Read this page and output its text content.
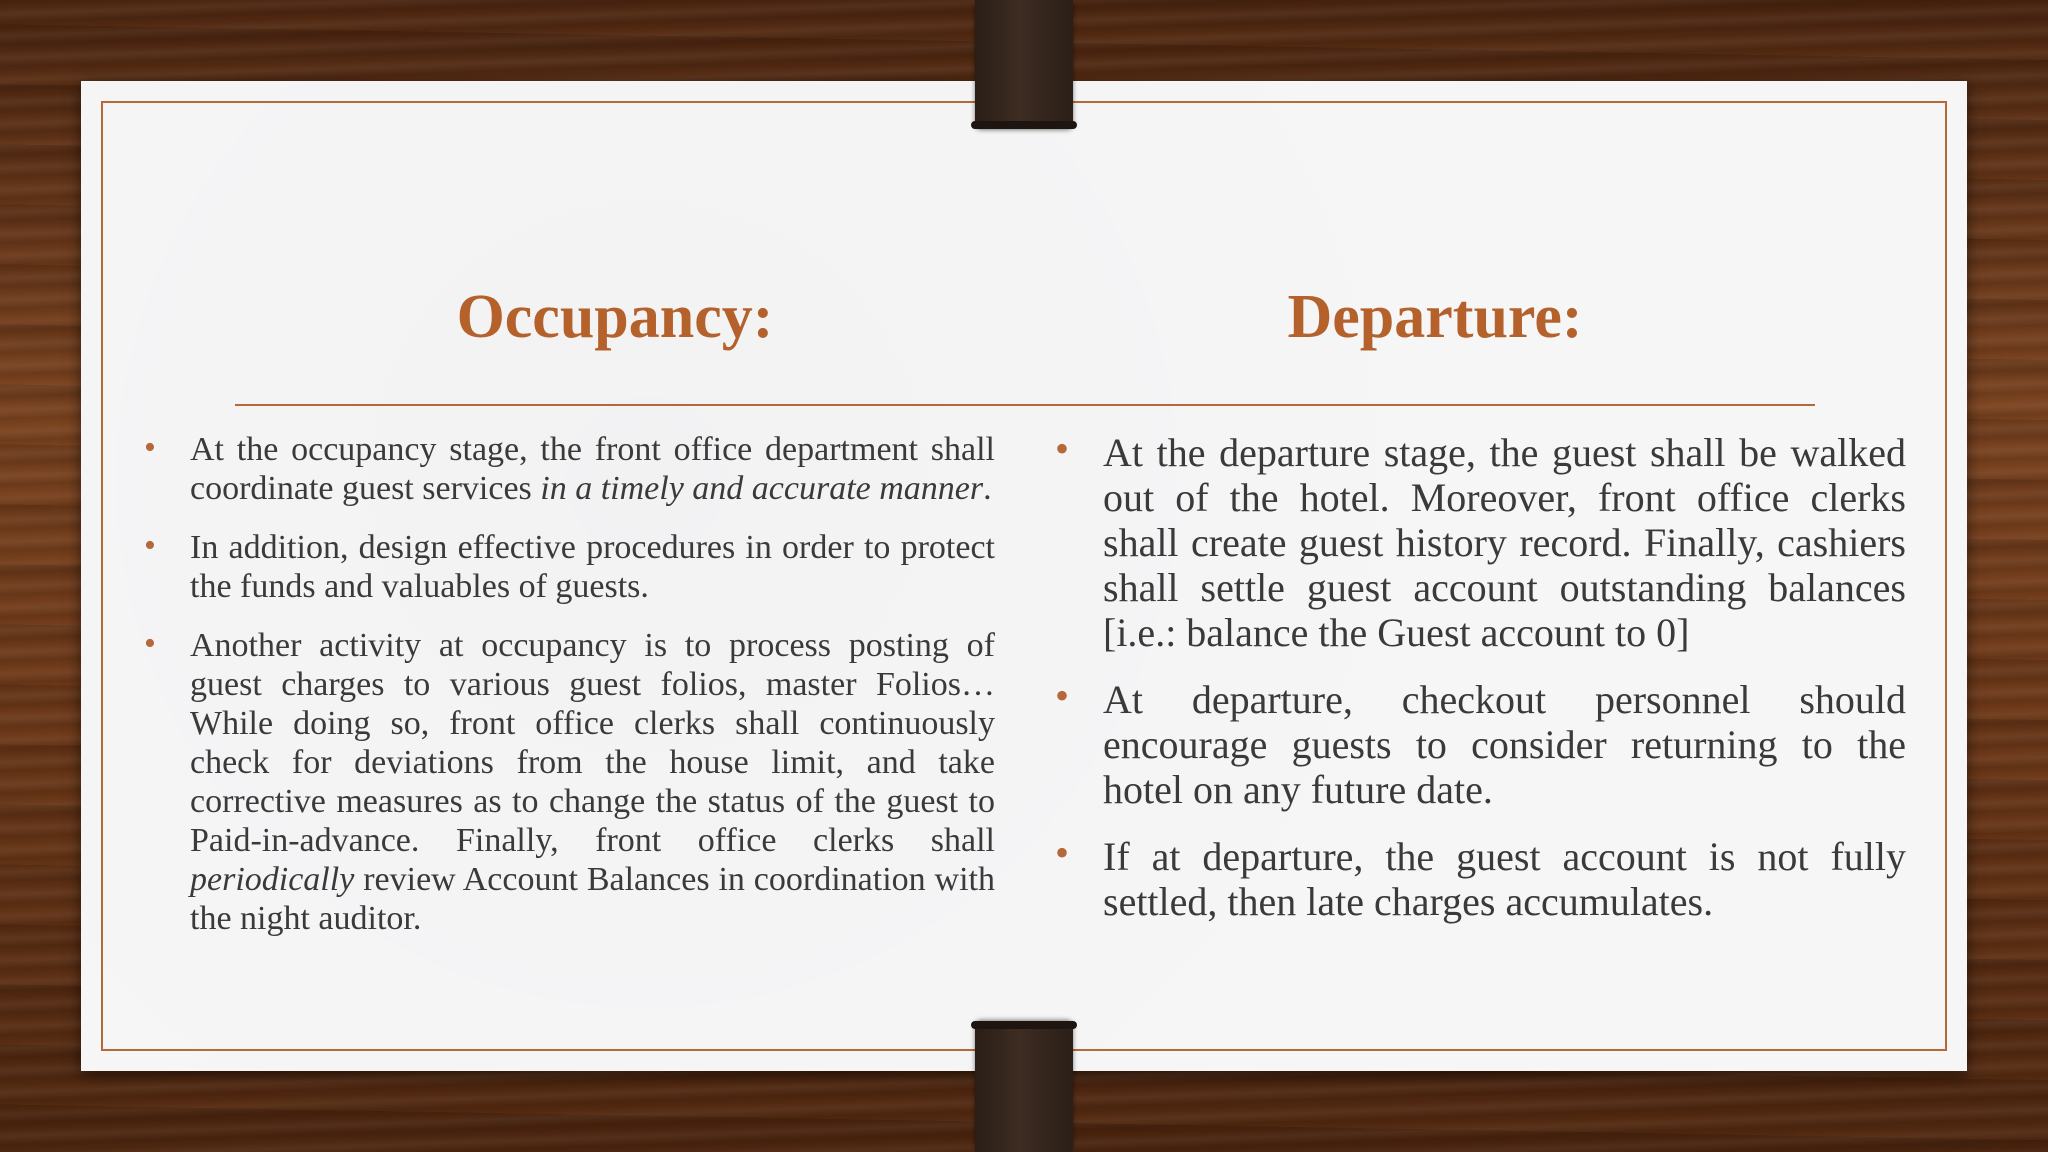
Occupancy:	Departure:
• At the occupancy stage, the front office department shall coordinate guest services in a timely and accurate manner.
• In addition, design effective procedures in order to protect the funds and valuables of guests.
• Another activity at occupancy is to process posting of guest charges to various guest folios, master Folios… While doing so, front office clerks shall continuously check for deviations from the house limit, and take corrective measures as to change the status of the guest to Paid-in-advance. Finally, front office clerks shall periodically review Account Balances in coordination with the night auditor.
• At the departure stage, the guest shall be walked out of the hotel. Moreover, front office clerks shall create guest history record. Finally, cashiers shall settle guest account outstanding balances [i.e.: balance the Guest account to 0]
• At departure, checkout personnel should encourage guests to consider returning to the hotel on any future date.
• If at departure, the guest account is not fully settled, then late charges accumulates.
